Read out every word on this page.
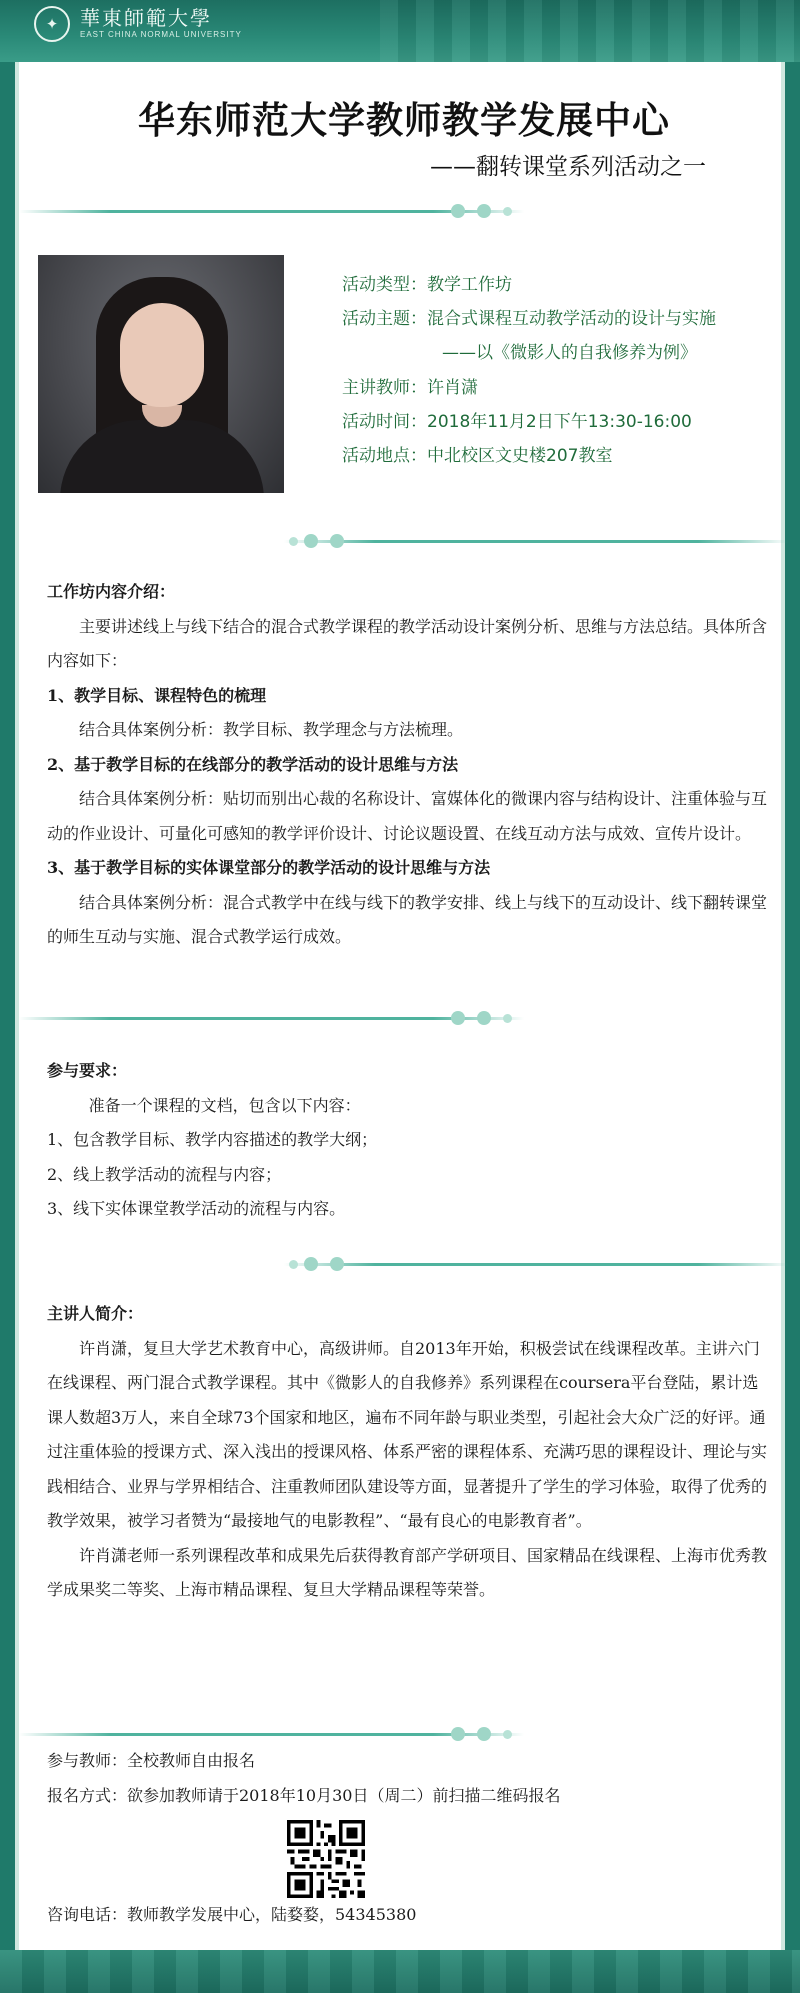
✦	華東師範大學
EAST CHINA NORMAL UNIVERSITY
华东师范大学教师教学发展中心
——翻转课堂系列活动之一
活动类型：教学工作坊
活动主题：混合式课程互动教学活动的设计与实施
——以《微影人的自我修养为例》
主讲教师：许肖潇
活动时间：2018年11月2日下午13:30-16:00
活动地点：中北校区文史楼207教室

工作坊内容介绍：

主要讲述线上与线下结合的混合式教学课程的教学活动设计案例分析、思维与方法总结。具体所含内容如下：

1、教学目标、课程特色的梳理

结合具体案例分析：教学目标、教学理念与方法梳理。

2、基于教学目标的在线部分的教学活动的设计思维与方法

结合具体案例分析：贴切而别出心裁的名称设计、富媒体化的微课内容与结构设计、注重体验与互动的作业设计、可量化可感知的教学评价设计、讨论议题设置、在线互动方法与成效、宣传片设计。

3、基于教学目标的实体课堂部分的教学活动的设计思维与方法

结合具体案例分析：混合式教学中在线与线下的教学安排、线上与线下的互动设计、线下翻转课堂的师生互动与实施、混合式教学运行成效。

参与要求：

准备一个课程的文档，包含以下内容：

1、包含教学目标、教学内容描述的教学大纲；

2、线上教学活动的流程与内容；

3、线下实体课堂教学活动的流程与内容。

主讲人简介：

许肖潇，复旦大学艺术教育中心，高级讲师。自2013年开始，积极尝试在线课程改革。主讲六门在线课程、两门混合式教学课程。其中《微影人的自我修养》系列课程在coursera平台登陆，累计选课人数超3万人，来自全球73个国家和地区，遍布不同年龄与职业类型，引起社会大众广泛的好评。通过注重体验的授课方式、深入浅出的授课风格、体系严密的课程体系、充满巧思的课程设计、理论与实践相结合、业界与学界相结合、注重教师团队建设等方面，显著提升了学生的学习体验，取得了优秀的教学效果，被学习者赞为“最接地气的电影教程”、“最有良心的电影教育者”。

许肖潇老师一系列课程改革和成果先后获得教育部产学研项目、国家精品在线课程、上海市优秀教学成果奖二等奖、上海市精品课程、复旦大学精品课程等荣誉。

参与教师：全校教师自由报名

报名方式：欲参加教师请于2018年10月30日（周二）前扫描二维码报名

咨询电话：教师教学发展中心，陆婺婺，54345380
